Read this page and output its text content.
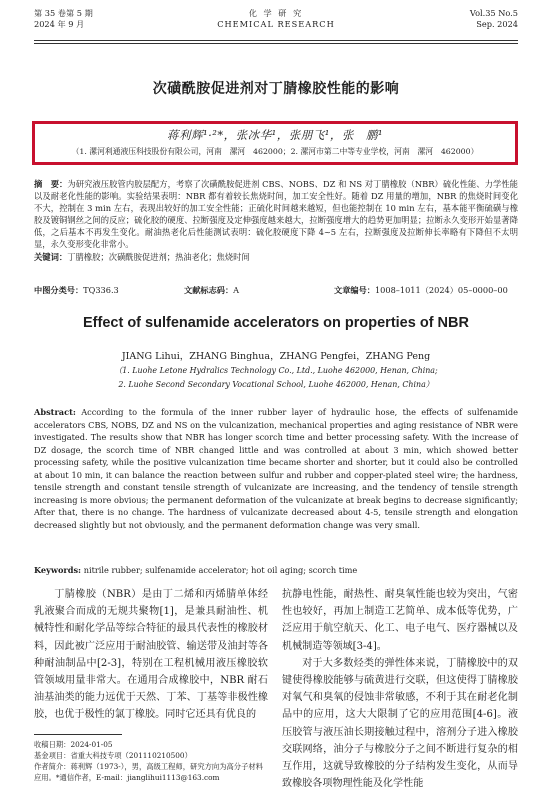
第 35 卷第 5 期
2024 年 9 月
化 学 研 究
CHEMICAL RESEARCH
Vol.35 No.5
Sep. 2024
次磺酰胺促进剂对丁腈橡胶性能的影响
蒋利辉¹·²*，张冰华¹，张朋飞¹，张　鹏¹
（1. 漯河利通液压科技股份有限公司，河南　漯河　462000；2. 漯河市第二中等专业学校，河南　漯河　462000）
摘　要：为研究液压胶管内胶层配方，考察了次磺酰胺促进剂 CBS、NOBS、DZ 和 NS 对丁腈橡胶（NBR）硫化性能、力学性能以及耐老化性能的影响。实验结果表明：NBR 都有着较长焦烧时间，加工安全性好。随着 DZ 用量的增加，NBR 的焦烧时间变化不大，控制在 3 min 左右，表现出较好的加工安全性能；正硫化时间越来越短，但也能控制在 10 min 左右，基本能平衡硫磺与橡胶及镀铜钢丝之间的反应；硫化胶的硬度、拉断强度及定伸强度越来越大，拉断强度增大的趋势更加明显；拉断永久变形开始显著降低，之后基本不再发生变化。耐油热老化后性能测试表明：硫化胶硬度下降 4~5 左右，拉断强度及拉断伸长率略有下降但不太明显，永久变形变化非常小。
关键词：丁腈橡胶；次磺酰胺促进剂；热油老化；焦烧时间
中图分类号：TQ336.3	文献标志码：A	文章编号：1008–1011（2024）05–0000–00
Effect of sulfenamide accelerators on properties of NBR
JIANG Lihui，ZHANG Binghua，ZHANG Pengfei，ZHANG Peng
（1. Luohe Letone Hydralics Technology Co., Ltd., Luohe 462000, Henan, China;
2. Luohe Second Secondary Vocational School, Luohe 462000, Henan, China）
Abstract: According to the formula of the inner rubber layer of hydraulic hose, the effects of sulfenamide accelerators CBS, NOBS, DZ and NS on the vulcanization, mechanical properties and aging resistance of NBR were investigated. The results show that NBR has longer scorch time and better processing safety. With the increase of DZ dosage, the scorch time of NBR changed little and was controlled at about 3 min, which showed better processing safety, while the positive vulcanization time became shorter and shorter, but it could also be controlled at about 10 min, it can balance the reaction between sulfur and rubber and copper-plated steel wire; the hardness, tensile strength and constant tensile strength of vulcanizate are increasing, and the tendency of tensile strength increasing is more obvious; the permanent deformation of the vulcanizate at break begins to decrease significantly; After that, there is no change. The hardness of vulcanizate decreased about 4-5, tensile strength and elongation decreased slightly but not obviously, and the permanent deformation change was very small.
Keywords: nitrile rubber; sulfenamide accelerator; hot oil aging; scorch time
丁腈橡胶（NBR）是由丁二烯和丙烯腈单体经乳液聚合而成的无规共聚物[1]，是兼具耐油性、机械特性和耐化学品等综合特征的最具代表性的橡胶材料，因此被广泛应用于耐油胶管、输送带及油封等各种耐油制品中[2-3]，特别在工程机械用液压橡胶软管领域用量非常大。在通用合成橡胶中，NBR 耐石油基油类的能力远优于天然、丁苯、丁基等非极性橡胶，也优于极性的氯丁橡胶。同时它还具有优良的
抗静电性能，耐热性、耐臭氧性能也较为突出，气密性也较好，再加上制造工艺简单、成本低等优势，广泛应用于航空航天、化工、电子电气、医疗器械以及机械制造等领域[3-4]。
对于大多数烃类的弹性体来说，丁腈橡胶中的双键使得橡胶能够与硫黄进行交联，但这使得丁腈橡胶对氧气和臭氧的侵蚀非常敏感，不利于其在耐老化制品中的应用，这大大限制了它的应用范围[4-6]。液压胶管与液压油长期接触过程中，溶剂分子进入橡胶交联网络，油分子与橡胶分子之间不断进行复杂的相互作用，这就导致橡胶的分子结构发生变化，从而导致橡胶各项物理性能及化学性能
收稿日期：2024-01-05
基金项目：省重大科技专项（201110210500）
作者简介：蒋利辉（1973-），男，高级工程师，研究方向为高分子材料应用。*通信作者，E-mail：jianglihui1113@163.com
